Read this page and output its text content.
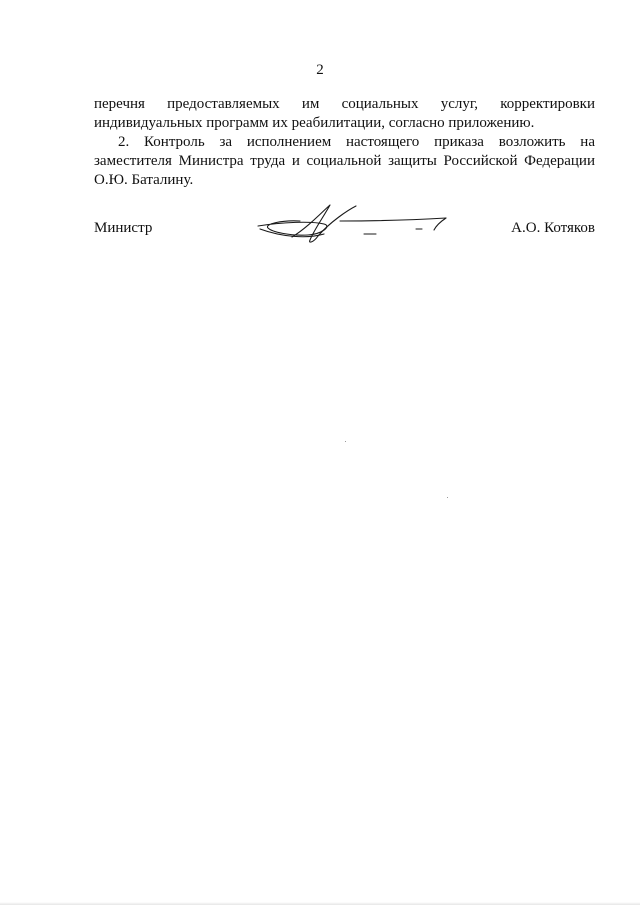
2

перечня предоставляемых им социальных услуг, корректировки
индивидуальных программ их реабилитации, согласно приложению.

2. Контроль за исполнением настоящего приказа возложить на
заместителя Министра труда и социальной защиты Российской Федерации
О.Ю. Баталину.

Министр	А.О. Котяков
